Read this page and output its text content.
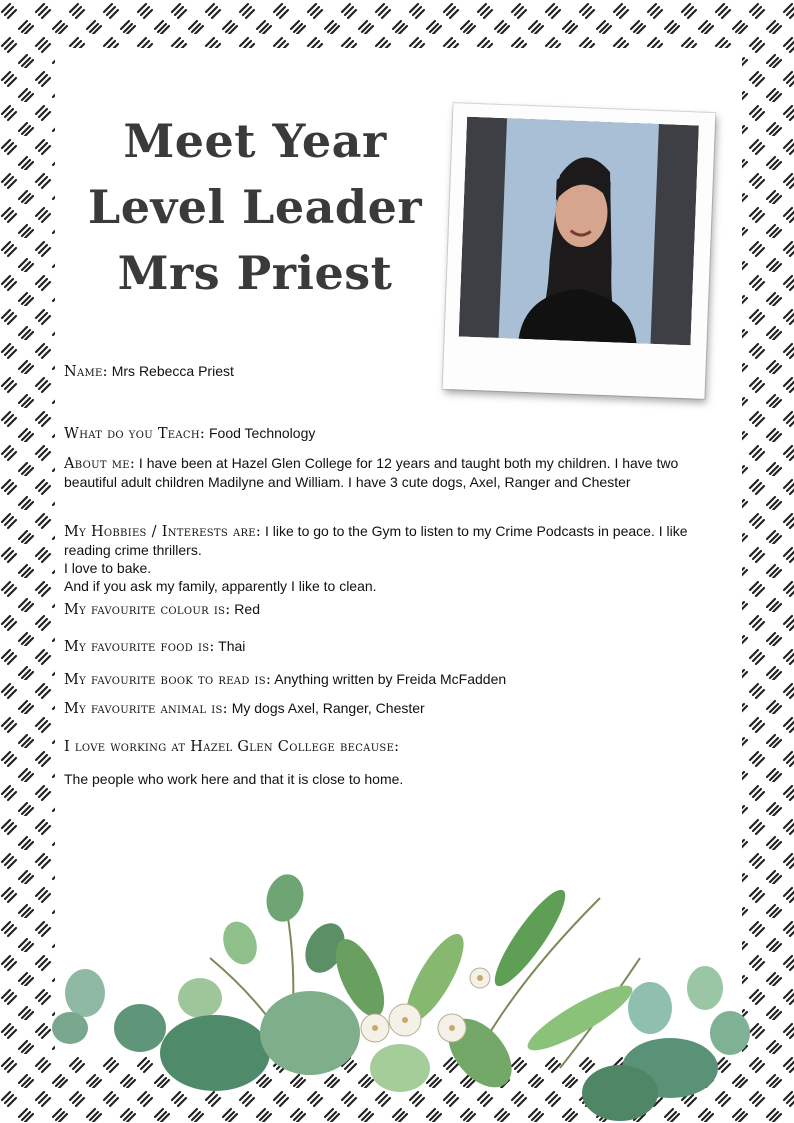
Meet Year
Level Leader
Mrs Priest
Name: Mrs Rebecca Priest
What do you Teach: Food Technology
About me: I have been at Hazel Glen College for 12 years and taught both my children. I have two beautiful adult children Madilyne and William. I have 3 cute dogs, Axel, Ranger and Chester
My Hobbies / Interests are: I like to go to the Gym to listen to my Crime Podcasts in peace. I like reading crime thrillers.
I love to bake.
And if you ask my family, apparently I like to clean.
My favourite colour is: Red
My favourite food is: Thai
My favourite book to read is: Anything written by Freida McFadden
My favourite animal is: My dogs Axel, Ranger, Chester
I love working at Hazel Glen College because:
The people who work here and that it is close to home.
